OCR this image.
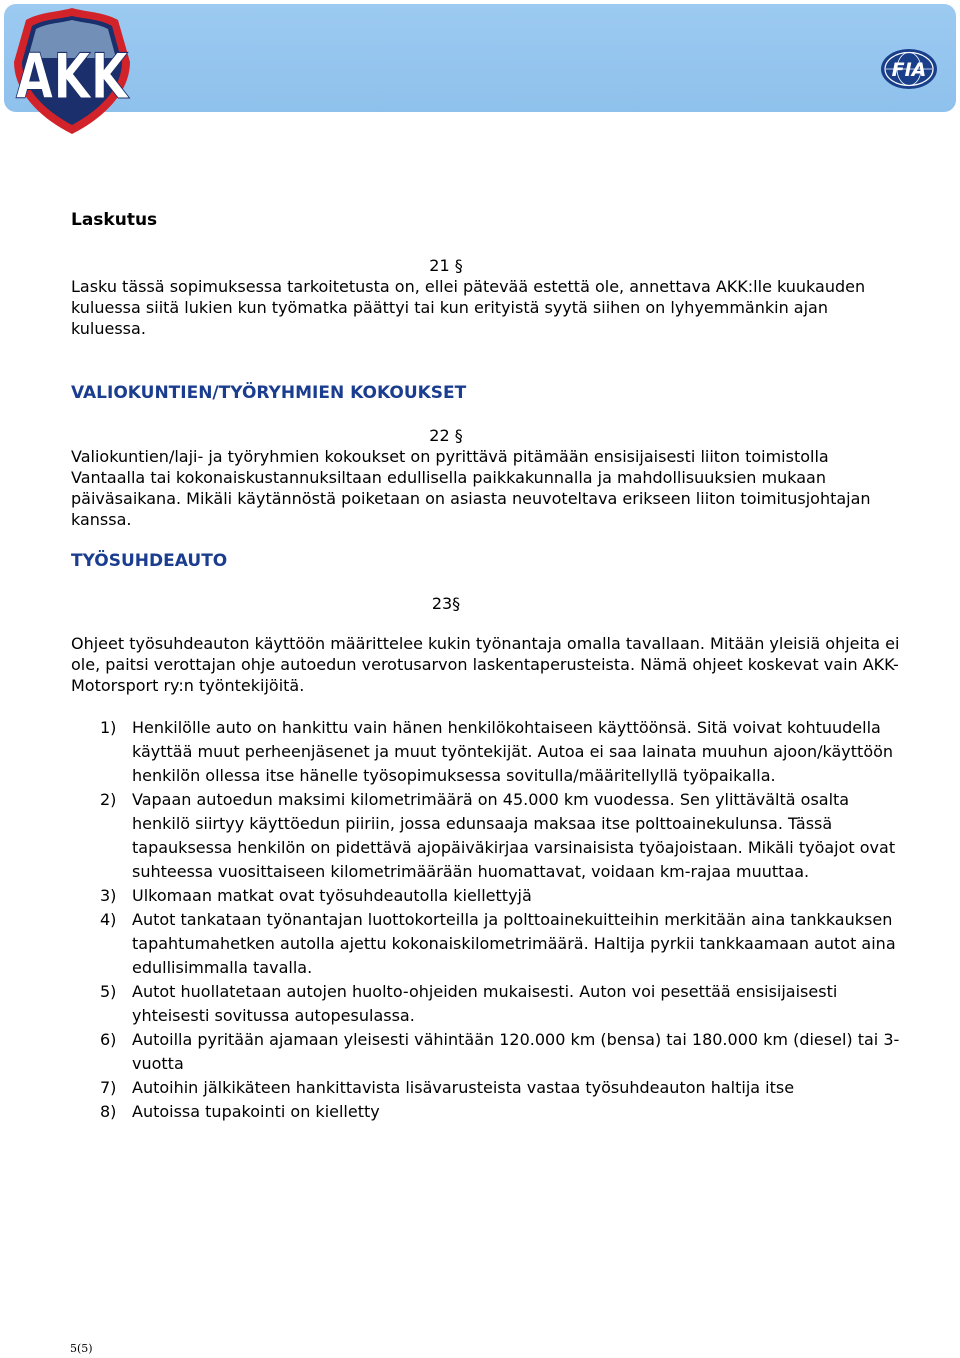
AKK	FIA
Laskutus

21 §

Lasku tässä sopimuksessa tarkoitetusta on, ellei pätevää estettä ole, annettava AKK:lle kuukauden kuluessa siitä lukien kun työmatka päättyi tai kun erityistä syytä siihen on lyhyemmänkin ajan kuluessa.

VALIOKUNTIEN/TYÖRYHMIEN KOKOUKSET

22 §

Valiokuntien/laji- ja työryhmien kokoukset on pyrittävä pitämään ensisijaisesti liiton toimistolla Vantaalla tai kokonaiskustannuksiltaan edullisella paikkakunnalla ja mahdollisuuksien mukaan päiväsaikana. Mikäli käytännöstä poiketaan on asiasta neuvoteltava erikseen liiton toimitusjohtajan kanssa.

TYÖSUHDEAUTO

23§

Ohjeet työsuhdeauton käyttöön määrittelee kukin työnantaja omalla tavallaan. Mitään yleisiä ohjeita ei ole, paitsi verottajan ohje autoedun verotusarvon laskentaperusteista. Nämä ohjeet koskevat vain AKK-Motorsport ry:n työntekijöitä.

1) Henkilölle auto on hankittu vain hänen henkilökohtaiseen käyttöönsä. Sitä voivat kohtuudella käyttää muut perheenjäsenet ja muut työntekijät. Autoa ei saa lainata muuhun ajoon/käyttöön henkilön ollessa itse hänelle työsopimuksessa sovitulla/määritellyllä työpaikalla.
2) Vapaan autoedun maksimi kilometrimäärä on 45.000 km vuodessa. Sen ylittävältä osalta henkilö siirtyy käyttöedun piiriin, jossa edunsaaja maksaa itse polttoainekulunsa. Tässä tapauksessa henkilön on pidettävä ajopäiväkirjaa varsinaisista työajoistaan. Mikäli työajot ovat suhteessa vuosittaiseen kilometrimäärään huomattavat, voidaan km-rajaa muuttaa.
3) Ulkomaan matkat ovat työsuhdeautolla kiellettyjä
4) Autot tankataan työnantajan luottokorteilla ja polttoainekuitteihin merkitään aina tankkauksen tapahtumahetken autolla ajettu kokonaiskilometrimäärä. Haltija pyrkii tankkaamaan autot aina edullisimmalla tavalla.
5) Autot huollatetaan autojen huolto-ohjeiden mukaisesti. Auton voi pesettää ensisijaisesti yhteisesti sovitussa autopesulassa.
6) Autoilla pyritään ajamaan yleisesti vähintään 120.000 km (bensa) tai 180.000 km (diesel) tai 3- vuotta
7) Autoihin jälkikäteen hankittavista lisävarusteista vastaa työsuhdeauton haltija itse
8) Autoissa tupakointi on kielletty
5(5)
